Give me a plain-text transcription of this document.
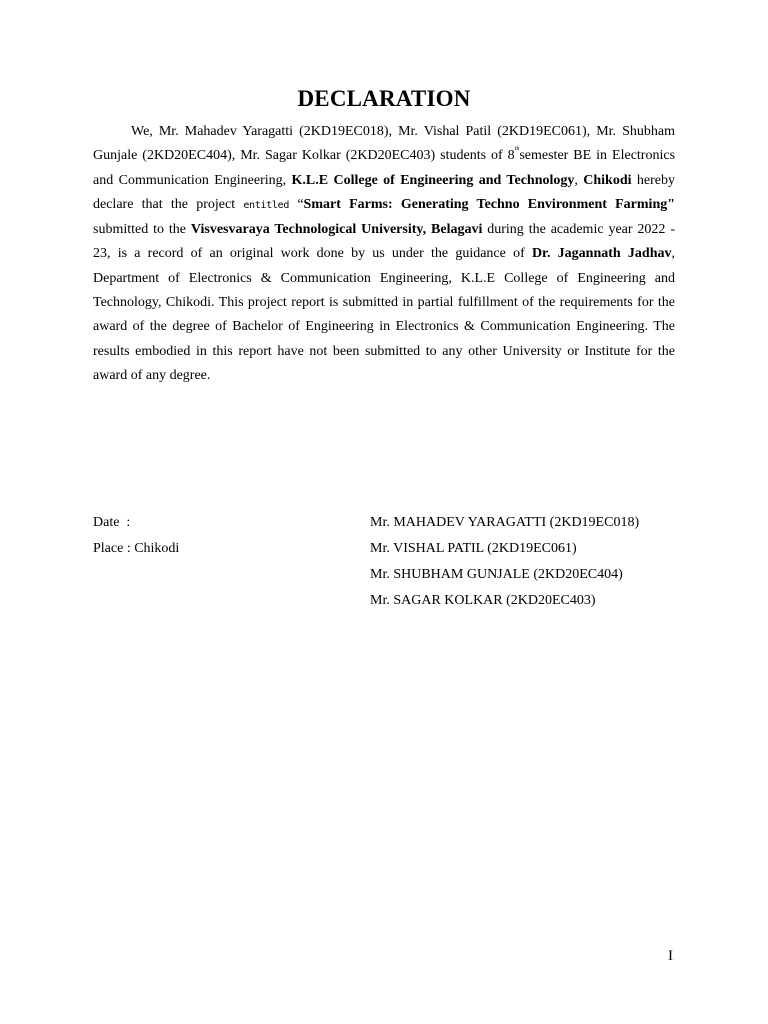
DECLARATION

We, Mr. Mahadev Yaragatti (2KD19EC018), Mr. Vishal Patil (2KD19EC061), Mr. Shubham Gunjale (2KD20EC404), Mr. Sagar Kolkar (2KD20EC403) students of 8thsemester BE in Electronics and Communication Engineering, K.L.E College of Engineering and Technology, Chikodi hereby declare that the project entitled “Smart Farms: Generating Techno Environment Farming" submitted to the Visvesvaraya Technological University, Belagavi during the academic year 2022 - 23, is a record of an original work done by us under the guidance of Dr. Jagannath Jadhav, Department of Electronics & Communication Engineering, K.L.E College of Engineering and Technology, Chikodi. This project report is submitted in partial fulfillment of the requirements for the award of the degree of Bachelor of Engineering in Electronics & Communication Engineering. The results embodied in this report have not been submitted to any other University or Institute for the award of any degree.

Date  :
Place : Chikodi
Mr. MAHADEV YARAGATTI (2KD19EC018)
Mr. VISHAL PATIL (2KD19EC061)
Mr. SHUBHAM GUNJALE (2KD20EC404)
Mr. SAGAR KOLKAR (2KD20EC403)
I
